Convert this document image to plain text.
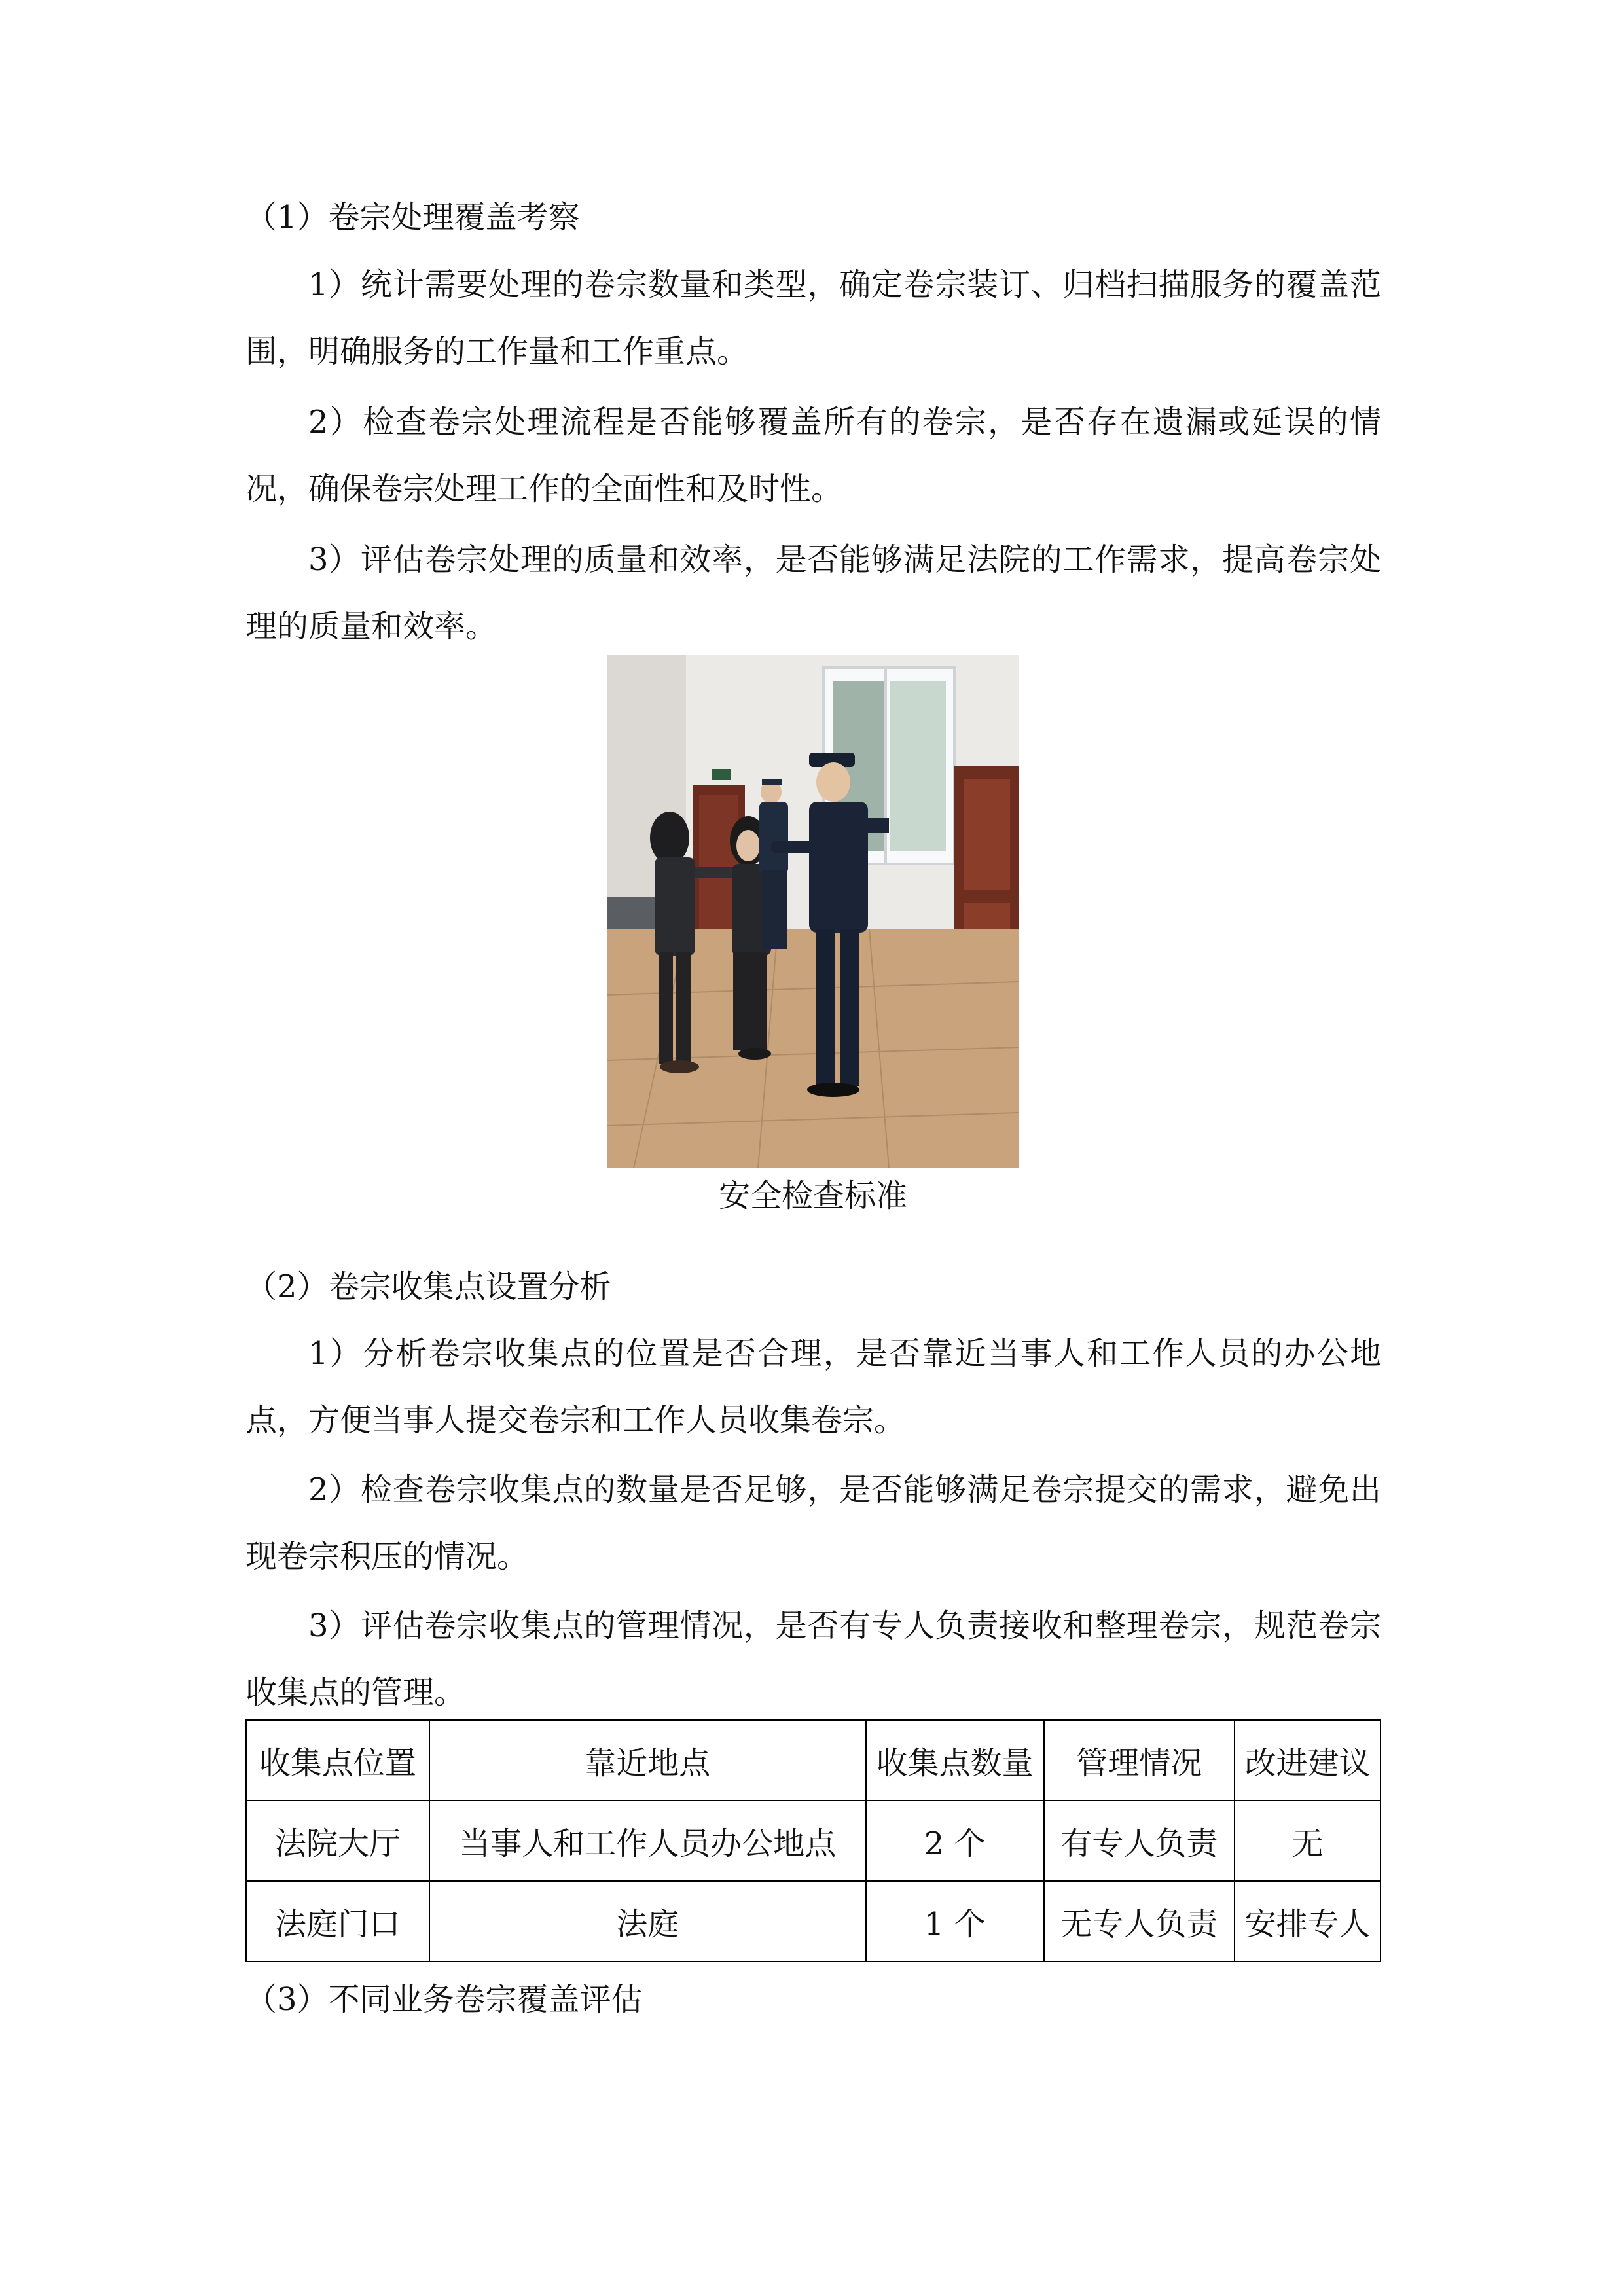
（1）卷宗处理覆盖考察
1）统计需要处理的卷宗数量和类型，确定卷宗装订、归档扫描服务的覆盖范围，明确服务的工作量和工作重点。
2）检查卷宗处理流程是否能够覆盖所有的卷宗，是否存在遗漏或延误的情况，确保卷宗处理工作的全面性和及时性。
3）评估卷宗处理的质量和效率，是否能够满足法院的工作需求，提高卷宗处理的质量和效率。
安全检查标准
（2）卷宗收集点设置分析
1）分析卷宗收集点的位置是否合理，是否靠近当事人和工作人员的办公地点，方便当事人提交卷宗和工作人员收集卷宗。
2）检查卷宗收集点的数量是否足够，是否能够满足卷宗提交的需求，避免出现卷宗积压的情况。
3）评估卷宗收集点的管理情况，是否有专人负责接收和整理卷宗，规范卷宗收集点的管理。
收集点位置	靠近地点	收集点数量	管理情况	改进建议
法院大厅	当事人和工作人员办公地点	2 个	有专人负责	无
法庭门口	法庭	1 个	无专人负责	安排专人
（3）不同业务卷宗覆盖评估
